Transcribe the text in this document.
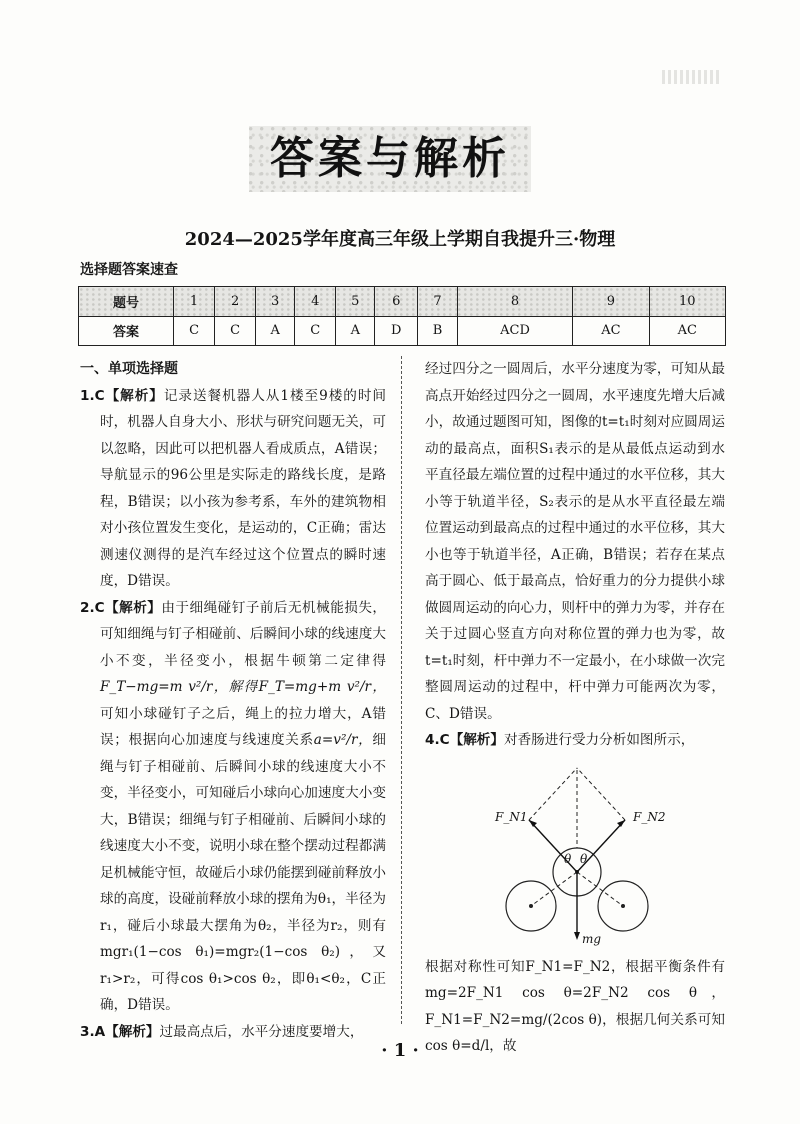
答案与解析
2024—2025学年度高三年级上学期自我提升三·物理
选择题答案速查
题号	1	2	3	4	5	6	7	8	9	10
答案	C	C	A	C	A	D	B	ACD	AC	AC

一、单项选择题

1.C【解析】记录送餐机器人从1楼至9楼的时间时，机器人自身大小、形状与研究问题无关，可以忽略，因此可以把机器人看成质点，A错误；导航显示的96公里是实际走的路线长度，是路程，B错误；以小孩为参考系，车外的建筑物相对小孩位置发生变化，是运动的，C正确；雷达测速仪测得的是汽车经过这个位置点的瞬时速度，D错误。

2.C【解析】由于细绳碰钉子前后无机械能损失，可知细绳与钉子相碰前、后瞬间小球的线速度大小不变，半径变小，根据牛顿第二定律得F_T−mg=m v²/r，解得F_T=mg+m v²/r，可知小球碰钉子之后，绳上的拉力增大，A错误；根据向心加速度与线速度关系a=v²/r，细绳与钉子相碰前、后瞬间小球的线速度大小不变，半径变小，可知碰后小球向心加速度大小变大，B错误；细绳与钉子相碰前、后瞬间小球的线速度大小不变，说明小球在整个摆动过程都满足机械能守恒，故碰后小球仍能摆到碰前释放小球的高度，设碰前释放小球的摆角为θ₁，半径为r₁，碰后小球最大摆角为θ₂，半径为r₂，则有mgr₁(1−cos θ₁)=mgr₂(1−cos θ₂)，又r₁>r₂，可得cos θ₁>cos θ₂，即θ₁<θ₂，C正确，D错误。

3.A【解析】过最高点后，水平分速度要增大，

经过四分之一圆周后，水平分速度为零，可知从最高点开始经过四分之一圆周，水平速度先增大后减小，故通过题图可知，图像的t=t₁时刻对应圆周运动的最高点，面积S₁表示的是从最低点运动到水平直径最左端位置的过程中通过的水平位移，其大小等于轨道半径，S₂表示的是从水平直径最左端位置运动到最高点的过程中通过的水平位移，其大小也等于轨道半径，A正确，B错误；若存在某点高于圆心、低于最高点，恰好重力的分力提供小球做圆周运动的向心力，则杆中的弹力为零，并存在关于过圆心竖直方向对称位置的弹力也为零，故t=t₁时刻，杆中弹力不一定最小，在小球做一次完整圆周运动的过程中，杆中弹力可能两次为零，C、D错误。

4.C【解析】对香肠进行受力分析如图所示，

F_N1	F_N2
θ θ
mg

根据对称性可知F_N1=F_N2，根据平衡条件有mg=2F_N1 cos θ=2F_N2 cos θ，F_N1=F_N2=mg/(2cos θ)，根据几何关系可知cos θ=d/l，故

· 1 ·
